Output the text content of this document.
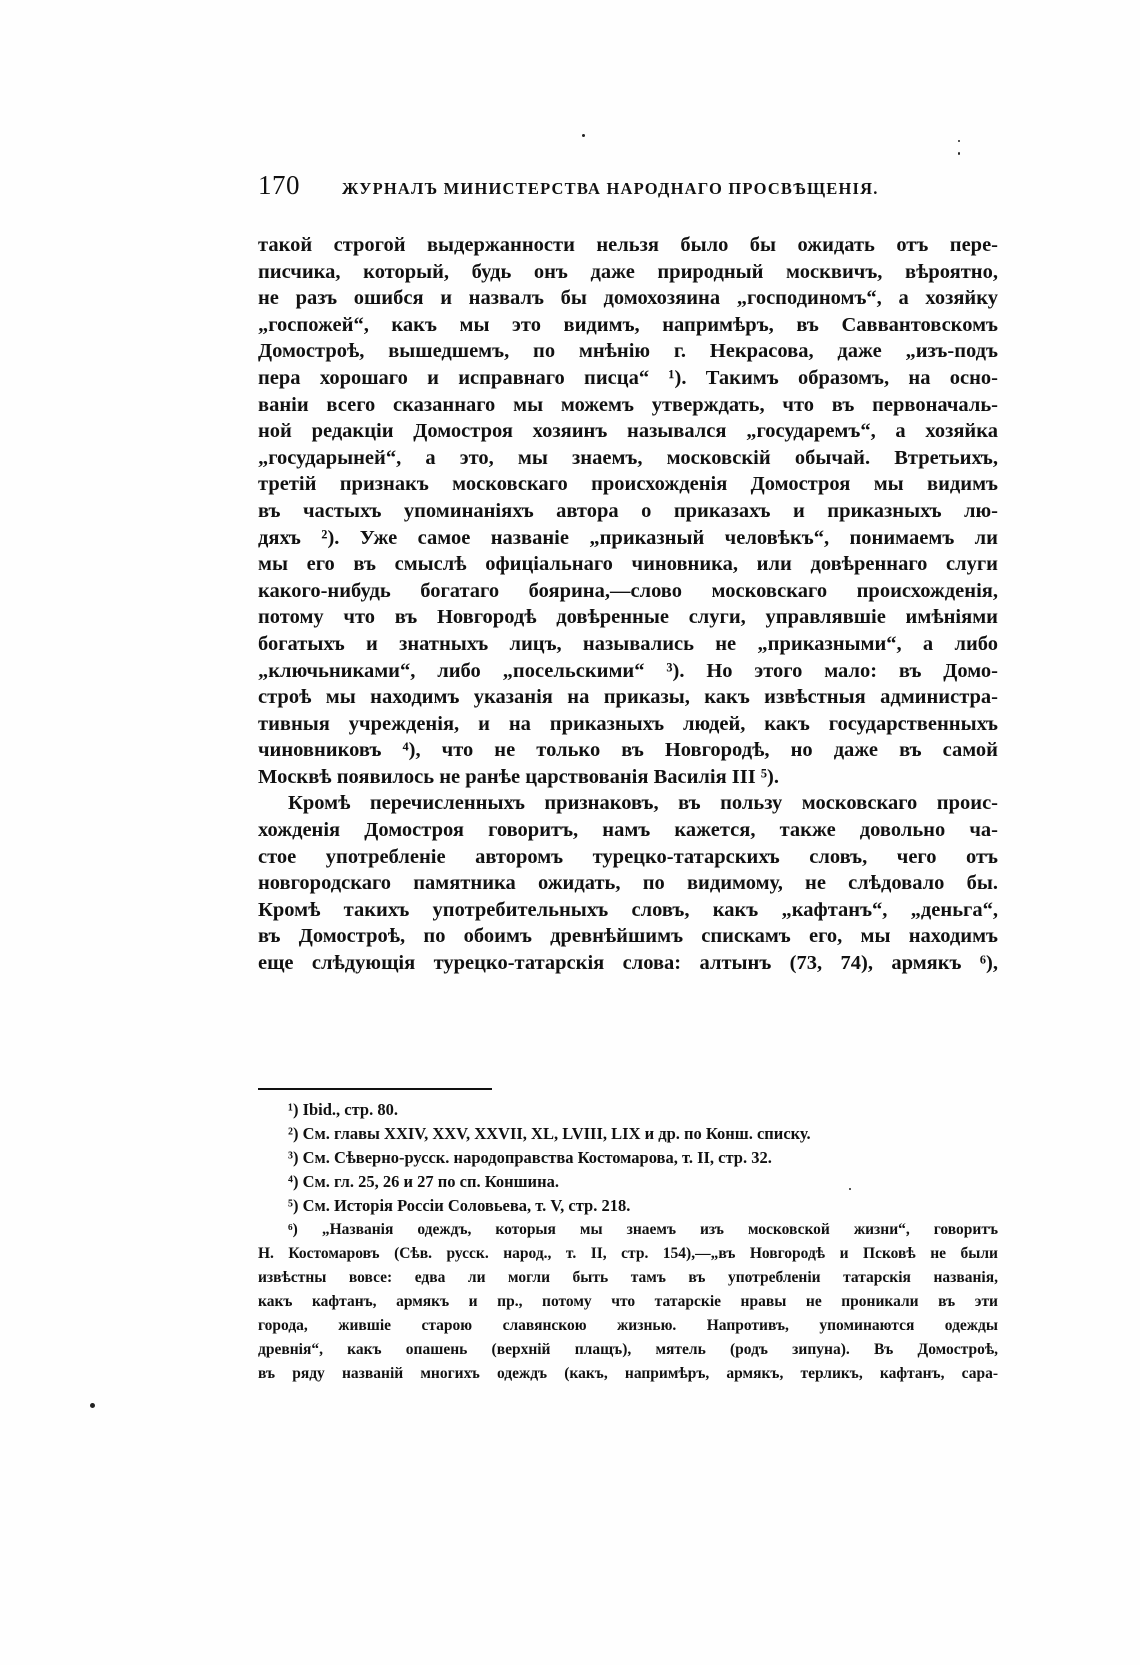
170	ЖУРНАЛЪ МИНИСТЕРСТВА НАРОДНАГО ПРОСВѢЩЕНІЯ.
такой строгой выдержанности нельзя было бы ожидать отъ пере-
писчика, который, будь онъ даже природный москвичъ, вѣроятно,
не разъ ошибся и назвалъ бы домохозяина „господиномъ“, а хозяйку
„госпожей“, какъ мы это видимъ, напримѣръ, въ Саввантовскомъ
Домостроѣ, вышедшемъ, по мнѣнію г. Некрасова, даже „изъ-подъ
пера хорошаго и исправнаго писца“ ¹). Такимъ образомъ, на осно-
ваніи всего сказаннаго мы можемъ утверждать, что въ первоначаль-
ной редакціи Домостроя хозяинъ назывался „государемъ“, а хозяйка
„государыней“, а это, мы знаемъ, московскій обычай. Втретьихъ,
третій признакъ московскаго происхожденія Домостроя мы видимъ
въ частыхъ упоминаніяхъ автора о приказахъ и приказныхъ лю-
дяхъ ²). Уже самое названіе „приказный человѣкъ“, понимаемъ ли
мы его въ смыслѣ офиціальнаго чиновника, или довѣреннаго слуги
какого-нибудь богатаго боярина,—слово московскаго происхожденія,
потому что въ Новгородѣ довѣренные слуги, управлявшіе имѣніями
богатыхъ и знатныхъ лицъ, назывались не „приказными“, а либо
„ключьниками“, либо „посельскими“ ³). Но этого мало: въ Домо-
строѣ мы находимъ указанія на приказы, какъ извѣстныя администра-
тивныя учрежденія, и на приказныхъ людей, какъ государственныхъ
чиновниковъ ⁴), что не только въ Новгородѣ, но даже въ самой
Москвѣ появилось не ранѣе царствованія Василія III ⁵).
Кромѣ перечисленныхъ признаковъ, въ пользу московскаго проис-
хожденія Домостроя говоритъ, намъ кажется, также довольно ча-
стое употребленіе авторомъ турецко-татарскихъ словъ, чего отъ
новгородскаго памятника ожидать, по видимому, не слѣдовало бы.
Кромѣ такихъ употребительныхъ словъ, какъ „кафтанъ“, „деньга“,
въ Домостроѣ, по обоимъ древнѣйшимъ спискамъ его, мы находимъ
еще слѣдующія турецко-татарскія слова: алтынъ (73, 74), армякъ ⁶),
¹) Ibid., стр. 80.
²) См. главы XXIV, XXV, XXVII, XL, LVIII, LIX и др. по Конш. списку.
³) См. Сѣверно-русск. народоправства Костомарова, т. II, стр. 32.
⁴) См. гл. 25, 26 и 27 по сп. Коншина.
⁵) См. Исторія Россіи Соловьева, т. V, стр. 218.
⁶) „Названія одеждъ, которыя мы знаемъ изъ московской жизни“, говоритъ
Н. Костомаровъ (Сѣв. русск. народ., т. II, стр. 154),—„въ Новгородѣ и Псковѣ не были
извѣстны вовсе: едва ли могли быть тамъ въ употребленіи татарскія названія,
какъ кафтанъ, армякъ и пр., потому что татарскіе нравы не проникали въ эти
города, жившіе старою славянскою жизнью. Напротивъ, упоминаются одежды
древнія“, какъ опашень (верхній плащъ), мятель (родъ зипуна). Въ Домостроѣ,
въ ряду названій многихъ одеждъ (какъ, напримѣръ, армякъ, терликъ, кафтанъ, сара-
